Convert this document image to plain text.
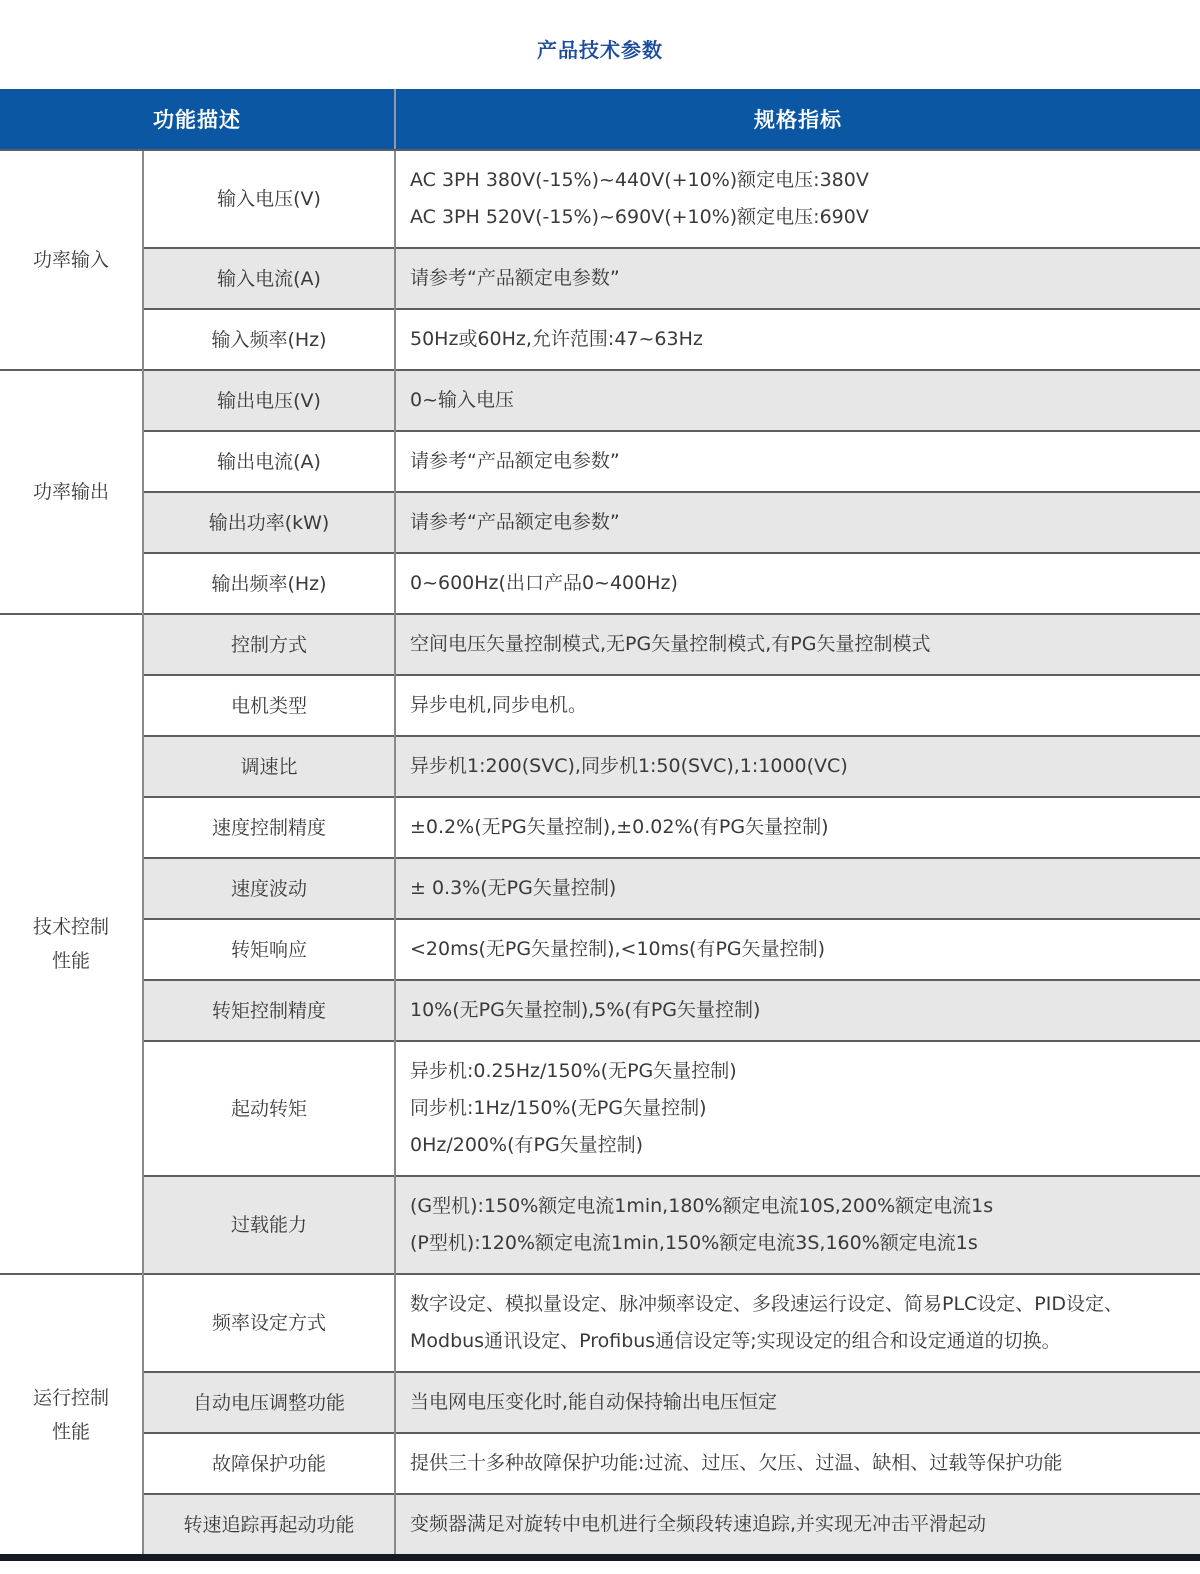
产品技术参数
功能描述		规格指标
功率输入	输入电压(V)	AC 3PH 380V(-15%)~440V(+10%)额定电压:380V
AC 3PH 520V(-15%)~690V(+10%)额定电压:690V

	输入电流(A)	请参考“产品额定电参数”
	输入频率(Hz)	50Hz或60Hz,允许范围:47~63Hz
功率输出	输出电压(V)	0~输入电压
	输出电流(A)	请参考“产品额定电参数”
	输出功率(kW)	请参考“产品额定电参数”
	输出频率(Hz)	0~600Hz(出口产品0~400Hz)
技术控制性能	控制方式	空间电压矢量控制模式,无PG矢量控制模式,有PG矢量控制模式
	电机类型	异步电机,同步电机。
	调速比	异步机1:200(SVC),同步机1:50(SVC),1:1000(VC)
	速度控制精度	±0.2%(无PG矢量控制),±0.02%(有PG矢量控制)
	速度波动	± 0.3%(无PG矢量控制)
	转矩响应	<20ms(无PG矢量控制),<10ms(有PG矢量控制)
	转矩控制精度	10%(无PG矢量控制),5%(有PG矢量控制)
	起动转矩	异步机:0.25Hz/150%(无PG矢量控制)
同步机:1Hz/150%(无PG矢量控制)
0Hz/200%(有PG矢量控制)

	过载能力	(G型机):150%额定电流1min,180%额定电流10S,200%额定电流1s
(P型机):120%额定电流1min,150%额定电流3S,160%额定电流1s

运行控制性能	频率设定方式	数字设定、模拟量设定、脉冲频率设定、多段速运行设定、简易PLC设定、PID设定、Modbus通讯设定、Profibus通信设定等;实现设定的组合和设定通道的切换。
	自动电压调整功能	当电网电压变化时,能自动保持输出电压恒定
	故障保护功能	提供三十多种故障保护功能:过流、过压、欠压、过温、缺相、过载等保护功能
	转速追踪再起动功能	变频器满足对旋转中电机进行全频段转速追踪,并实现无冲击平滑起动
